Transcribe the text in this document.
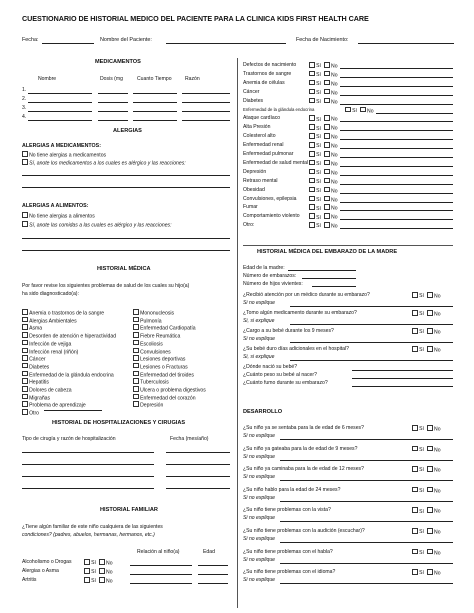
CUESTIONARIO DE HISTORIAL MEDICO DEL PACIENTE PARA LA CLINICA KIDS FIRST HEALTH CARE
Fecha:	Nombre del Paciente:	Fecha de Nacimiento:
MEDICAMENTOS
Nombre	Dosis (mg	Cuanto Tiempo	Razón
ALERGIAS
ALERGIAS A MEDICAMENTOS:
No tiene alergias a medicamentos
Sí, anote los medicamentos a los cuales es alérgico y las reacciones:
ALERGIAS A ALIMENTOS:
No tiene alergias a alimentos
Sí, anote las comidas a las cuales es alérgico y las reacciones:
HISTORIAL MÉDICA
Por favor revise los siguientes problemas de salud de los cuales su hijo(a)
ha sido diagnosticado(a):
HISTORIAL DE HOSPITALIZACIONES Y CIRUGIAS
Tipo de cirugía y razón de hospitalización	Fecha (mes/año)
HISTORIAL FAMILIAR
¿Tiene algún familiar de este niño cualquiera de las siguientes
condiciones? (padres, abuelos, hermanas, hermanos, etc.)
Relación al niño(a)	Edad
HISTORIAL MÉDICA DEL EMBARAZO DE LA MADRE
Edad de la madre:
Número de embarazos:
Número de hijos vivientes:
DESARROLLO
1.
2.
3.
4.
Anemia o trastornos de la sangre
Alergias Ambientales
Asma
Desorden de atención e hiperactividad
Infección de vejiga
Infección renal (riñón)
Cáncer
Diabetes
Enfermedad de la glándula endocrina
Hepatitis
Dolores de cabeza
Migrañas
Problema de aprendizaje
Otro
Mononucleosis
Pulmonía
Enfermedad Cardiopatía
Fiebre Reumática
Escoliosis
Convulsiones
Lesiones deportivas
Lesiones o Fracturas
Enfermedad del tiroides
Tuberculosis
Ulcera o problema digestivos
Enfermedad del corazón
Depresión
Alcoholismo o Drogas	Sí No
Alergias o Asma	Sí No
Artritis	Sí No
Defectos de nacimiento	Sí No
Trastornos de sangre	Sí No
Anemia de células	Sí No
Cáncer	Sí No
Diabetes	Sí No
Enfermedad de la glándula endocrina	Sí No
Ataque cardíaco	Sí No
Alta Presión	Sí No
Colesterol alto	Sí No
Enfermedad renal	Sí No
Enfermedad pulmonar	Sí No
Enfermedad de salud mental	Sí No
Depresión	Sí No
Retraso mental	Sí No
Obesidad	Sí No
Convulsiones, epilepsia	Sí No
Fumar	Sí No
Comportamiento violento	Sí No
Otro:	Sí No
¿Recibió atención por un médico durante su embarazo?	Sí No
Si no explique
¿Tomo algún medicamento durante su embarazo?	Sí No
Si, si explique
¿Cargo a su bebé durante los 9 meses?	Sí No
Si no explique
¿Su bebé duro días adicionales en el hospital?	Sí No
Si, si explique
¿Dónde nació su bebé?
¿Cuánto peso su bebé al nacer?
¿Cuánto fumo durante su embarazo?
¿Su niño ya se sentaba para la de edad de 6 meses?	Sí No
Si no explique
¿Su niño ya gateaba para la de edad de 9 meses?	Sí No
Si no explique
¿Su niño ya caminaba para la de edad de 12 meses?	Sí No
Si no explique
¿Su niño hablo para la edad de 24 meses?	Sí No
Si no explique
¿Su niño tiene problemas con la vista?	Sí No
Si no explique
¿Su niño tiene problemas con la audición (escuchar)?	Sí No
Si no explique
¿Su niño tiene problemas con el habla?	Sí No
Si no explique
¿Su niño tiene problemas con el idioma?	Sí No
Si no explique
